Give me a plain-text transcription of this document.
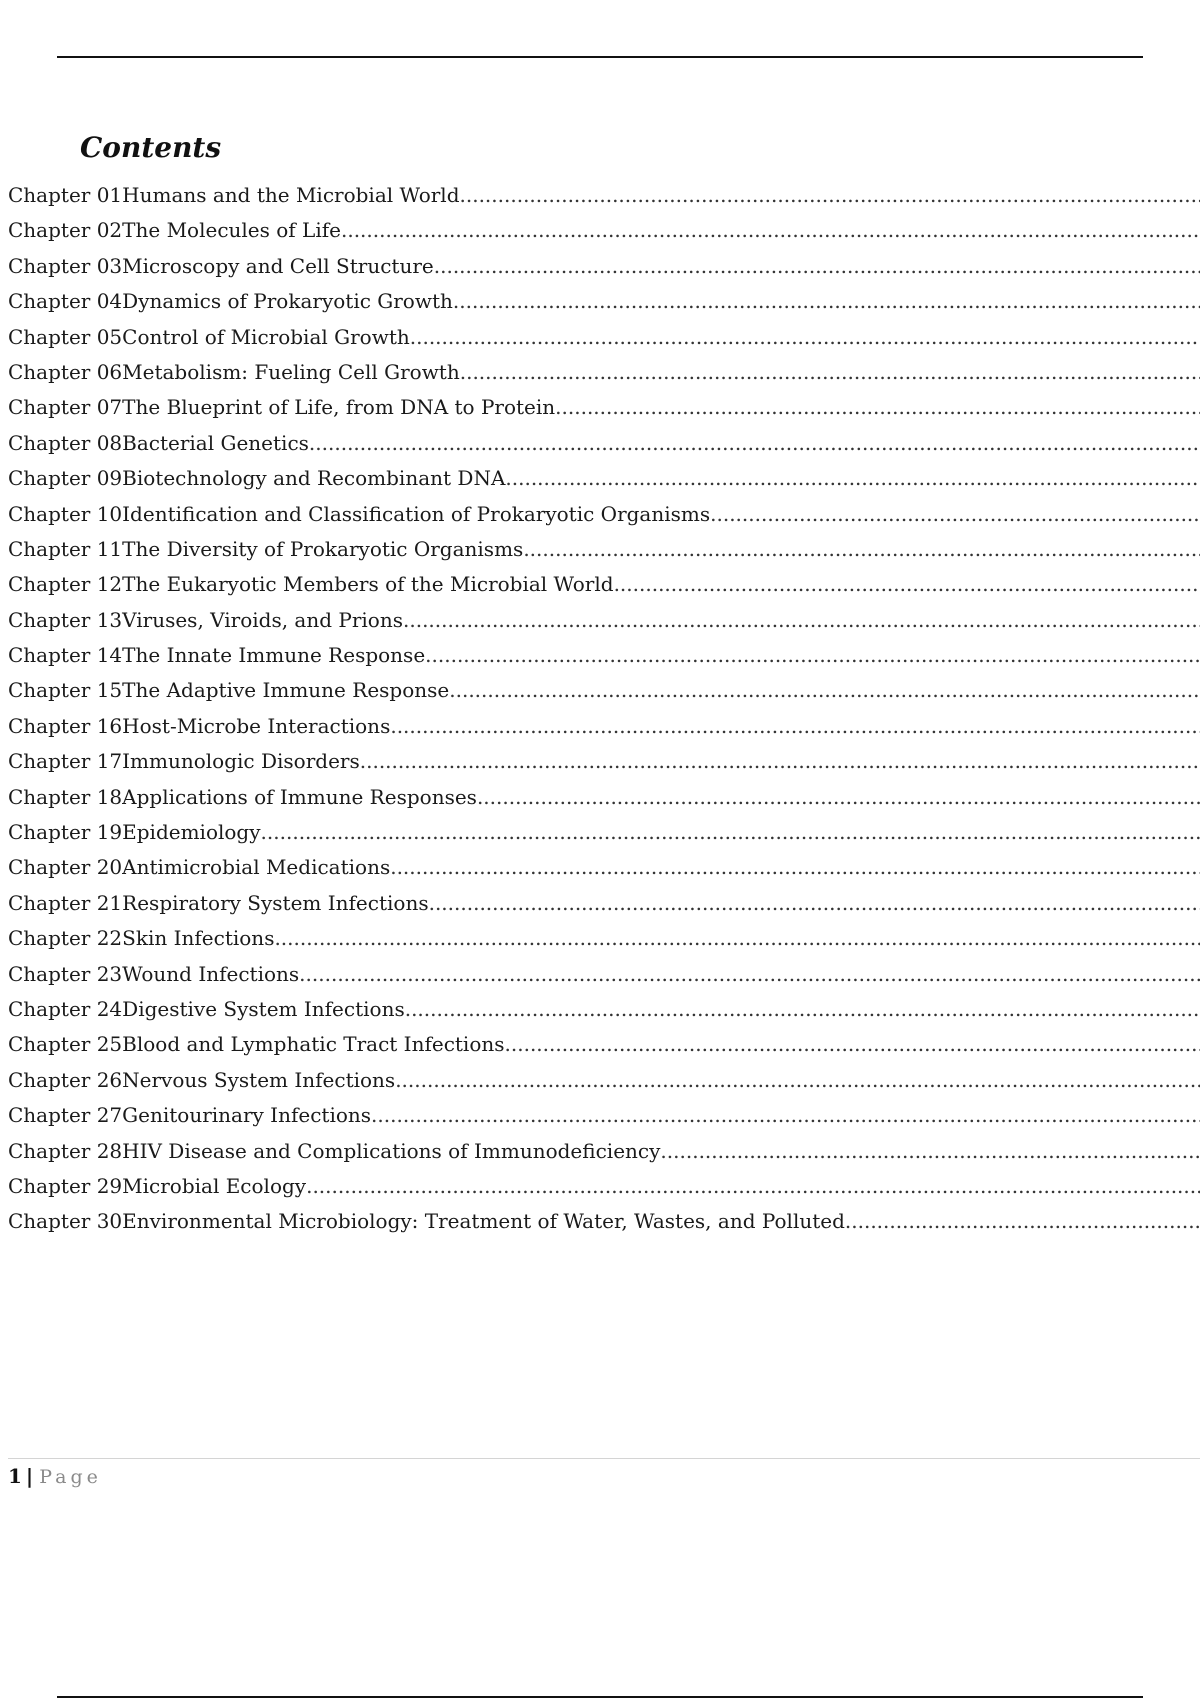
Contents
Chapter 01Humans and the Microbial World
.....
Chapter 02The Molecules of Life
.....
Chapter 03Microscopy and Cell Structure
.....
Chapter 04Dynamics of Prokaryotic Growth
.....
Chapter 05Control of Microbial Growth
.....
Chapter 06Metabolism: Fueling Cell Growth
.....
Chapter 07The Blueprint of Life, from DNA to Protein
.....
Chapter 08Bacterial Genetics
.....
Chapter 09Biotechnology and Recombinant DNA
.....
Chapter 10Identification and Classification of Prokaryotic Organisms
.....
Chapter 11The Diversity of Prokaryotic Organisms
.....
Chapter 12The Eukaryotic Members of the Microbial World
.....
Chapter 13Viruses, Viroids, and Prions
.....
Chapter 14The Innate Immune Response
.....
Chapter 15The Adaptive Immune Response
.....
Chapter 16Host-Microbe Interactions
.....
Chapter 17Immunologic Disorders
.....
Chapter 18Applications of Immune Responses
.....
Chapter 19Epidemiology
.....
Chapter 20Antimicrobial Medications
.....
Chapter 21Respiratory System Infections
.....
Chapter 22Skin Infections
.....
Chapter 23Wound Infections
.....
Chapter 24Digestive System Infections
.....
Chapter 25Blood and Lymphatic Tract Infections
.....
Chapter 26Nervous System Infections
.....
Chapter 27Genitourinary Infections
.....
Chapter 28HIV Disease and Complications of Immunodeficiency
.....
Chapter 29Microbial Ecology
.....
Chapter 30Environmental Microbiology: Treatment of Water, Wastes, and Polluted
.....
1 | Page
